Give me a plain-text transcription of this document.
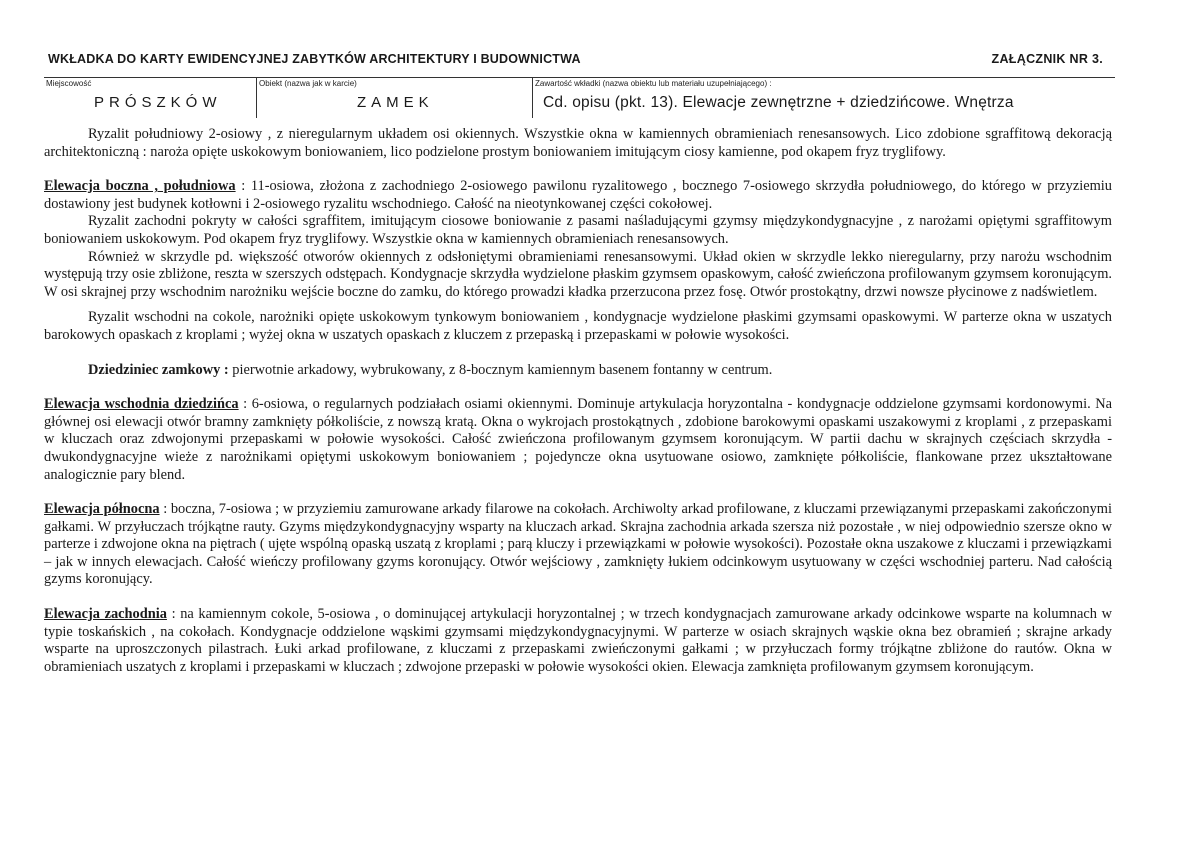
WKŁADKA DO KARTY EWIDENCYJNEJ ZABYTKÓW ARCHITEKTURY I BUDOWNICTWA	ZAŁĄCZNIK NR 3.
Miejscowość
PRÓSZKÓW
Obiekt (nazwa jak w karcie)
ZAMEK
Zawartość wkładki (nazwa obiektu lub materiału uzupełniającego) :
Cd. opisu (pkt. 13). Elewacje zewnętrzne + dziedzińcowe. Wnętrza

Ryzalit południowy 2-osiowy , z nieregularnym układem osi okiennych. Wszystkie okna w kamiennych obramieniach renesansowych. Lico zdobione sgraffitową dekoracją architektoniczną : naroża opięte uskokowym boniowaniem, lico podzielone prostym boniowaniem imitującym ciosy kamienne, pod okapem fryz tryglifowy.

Elewacja boczna , południowa : 11-osiowa, złożona z zachodniego 2-osiowego pawilonu ryzalitowego , bocznego 7-osiowego skrzydła południowego, do którego w przyziemiu dostawiony jest budynek kotłowni i 2-osiowego ryzalitu wschodniego. Całość na nieotynkowanej części cokołowej.

Ryzalit zachodni pokryty w całości sgraffitem, imitującym ciosowe boniowanie z pasami naśladującymi gzymsy międzykondygnacyjne , z narożami opiętymi sgraffitowym boniowaniem uskokowym. Pod okapem fryz tryglifowy. Wszystkie okna w kamiennych obramieniach renesansowych.

Również w skrzydle pd. większość otworów okiennych z odsłoniętymi obramieniami renesansowymi. Układ okien w skrzydle lekko nieregularny, przy narożu wschodnim występują trzy osie zbliżone, reszta w szerszych odstępach. Kondygnacje skrzydła wydzielone płaskim gzymsem opaskowym, całość zwieńczona profilowanym gzymsem koronującym. W osi skrajnej przy wschodnim narożniku wejście boczne do zamku, do którego prowadzi kładka przerzucona przez fosę. Otwór prostokątny, drzwi nowsze płycinowe z nadświetlem.

Ryzalit wschodni na cokole, narożniki opięte uskokowym tynkowym boniowaniem , kondygnacje wydzielone płaskimi gzymsami opaskowymi. W parterze okna w uszatych barokowych opaskach z kroplami ; wyżej okna w uszatych opaskach z kluczem z przepaską i przepaskami w połowie wysokości.

Dziedziniec zamkowy : pierwotnie arkadowy, wybrukowany, z 8-bocznym kamiennym basenem fontanny w centrum.

Elewacja wschodnia dziedzińca : 6-osiowa, o regularnych podziałach osiami okiennymi. Dominuje artykulacja horyzontalna - kondygnacje oddzielone gzymsami kordonowymi. Na głównej osi elewacji otwór bramny zamknięty półkoliście, z nowszą kratą. Okna o wykrojach prostokątnych , zdobione barokowymi opaskami uszakowymi z kroplami , z przepaskami w kluczach oraz zdwojonymi przepaskami w połowie wysokości. Całość zwieńczona profilowanym gzymsem koronującym. W partii dachu w skrajnych częściach skrzydła - dwukondygnacyjne wieże z narożnikami opiętymi uskokowym boniowaniem ; pojedyncze okna usytuowane osiowo, zamknięte półkoliście, flankowane przez ukształtowane analogicznie pary blend.

Elewacja północna : boczna, 7-osiowa ; w przyziemiu zamurowane arkady filarowe na cokołach. Archiwolty arkad profilowane, z kluczami przewiązanymi przepaskami zakończonymi gałkami. W przyłuczach trójkątne rauty. Gzyms międzykondygnacyjny wsparty na kluczach arkad. Skrajna zachodnia arkada szersza niż pozostałe , w niej odpowiednio szersze okno w parterze i zdwojone okna na piętrach ( ujęte wspólną opaską uszatą z kroplami ; parą kluczy i przewiązkami w połowie wysokości). Pozostałe okna uszakowe z kluczami i przewiązkami – jak w innych elewacjach. Całość wieńczy profilowany gzyms koronujący. Otwór wejściowy , zamknięty łukiem odcinkowym usytuowany w części wschodniej parteru. Nad całością gzyms koronujący.

Elewacja zachodnia : na kamiennym cokole, 5-osiowa , o dominującej artykulacji horyzontalnej ; w trzech kondygnacjach zamurowane arkady odcinkowe wsparte na kolumnach w typie toskańskich , na cokołach. Kondygnacje oddzielone wąskimi gzymsami międzykondygnacyjnymi. W parterze w osiach skrajnych wąskie okna bez obramień ; skrajne arkady wsparte na uproszczonych pilastrach. Łuki arkad profilowane, z kluczami z przepaskami zwieńczonymi gałkami ; w przyłuczach formy trójkątne zbliżone do rautów. Okna w obramieniach uszatych z kroplami i przepaskami w kluczach ; zdwojone przepaski w połowie wysokości okien. Elewacja zamknięta profilowanym gzymsem koronującym.
